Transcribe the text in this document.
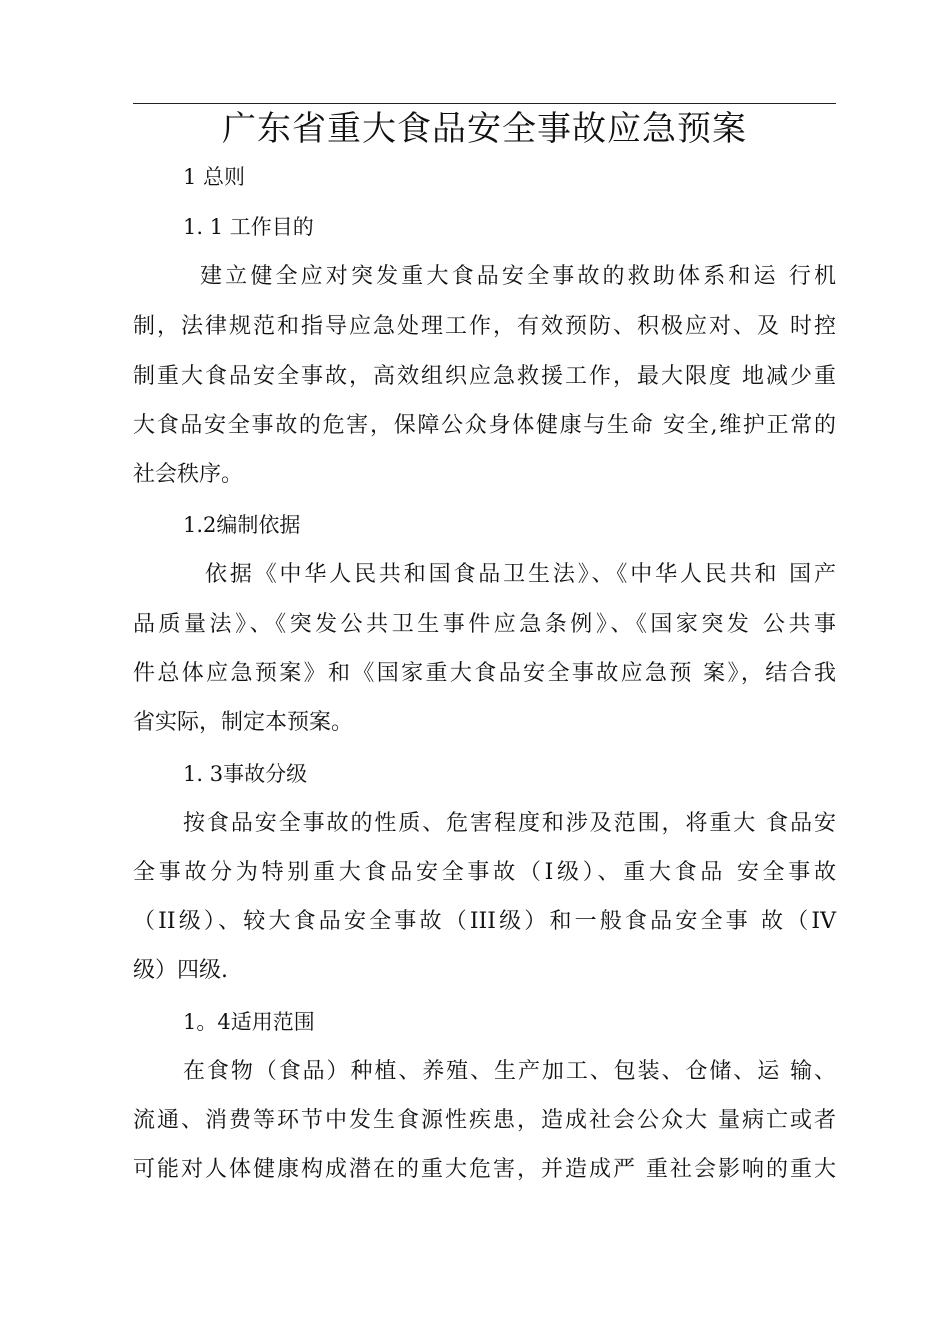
广东省重大食品安全事故应急预案
1 总则
1. 1 工作目的
建立健全应对突发重大食品安全事故的救助体系和运 行机
制，法律规范和指导应急处理工作，有效预防、积极应对、及 时控
制重大食品安全事故，高效组织应急救援工作，最大限度 地减少重
大食品安全事故的危害，保障公众身体健康与生命 安全,维护正常的
社会秩序。
1.2编制依据
依据《中华人民共和国食品卫生法》、《中华人民共和 国产
品质量法》、《突发公共卫生事件应急条例》、《国家突发 公共事
件总体应急预案》和《国家重大食品安全事故应急预 案》，结合我
省实际，制定本预案。
1. 3事故分级
按食品安全事故的性质、危害程度和涉及范围，将重大 食品安
全事故分为特别重大食品安全事故（I级）、重大食品 安全事故
（II级）、较大食品安全事故（III级）和一般食品安全事 故（IV
级）四级.
1。4适用范围
在食物（食品）种植、养殖、生产加工、包装、仓储、运 输、
流通、消费等环节中发生食源性疾患，造成社会公众大 量病亡或者
可能对人体健康构成潜在的重大危害，并造成严 重社会影响的重大
